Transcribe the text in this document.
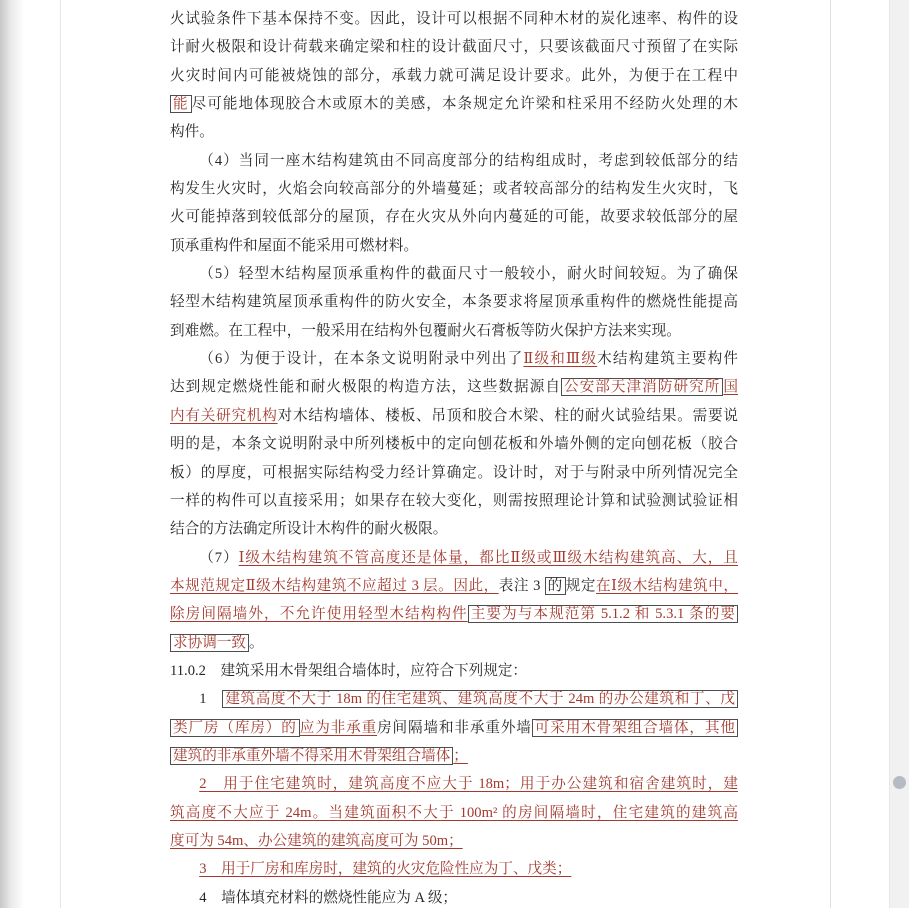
火试验条件下基本保持不变。因此，设计可以根据不同种木材的炭化速率、构件的设
计耐火极限和设计荷载来确定梁和柱的设计截面尺寸，只要该截面尺寸预留了在实际
火灾时间内可能被烧蚀的部分，承载力就可满足设计要求。此外，为便于在工程中
能 尽可能地体现胶合木或原木的美感，本条规定允许梁和柱采用不经防火处理的木
构件。
（4）当同一座木结构建筑由不同高度部分的结构组成时，考虑到较低部分的结
构发生火灾时，火焰会向较高部分的外墙蔓延；或者较高部分的结构发生火灾时，飞
火可能掉落到较低部分的屋顶，存在火灾从外向内蔓延的可能，故要求较低部分的屋
顶承重构件和屋面不能采用可燃材料。
（5）轻型木结构屋顶承重构件的截面尺寸一般较小，耐火时间较短。为了确保
轻型木结构建筑屋顶承重构件的防火安全，本条要求将屋顶承重构件的燃烧性能提高
到难燃。在工程中，一般采用在结构外包覆耐火石膏板等防火保护方法来实现。
（6）为便于设计，在本条文说明附录中列出了Ⅱ级和Ⅲ级木结构建筑主要构件
达到规定燃烧性能和耐火极限的构造方法，这些数据源自 公安部天津消防研究所 国
内有关研究机构对木结构墙体、楼板、吊顶和胶合木梁、柱的耐火试验结果。需要说
明的是，本条文说明附录中所列楼板中的定向刨花板和外墙外侧的定向刨花板（胶合
板）的厚度，可根据实际结构受力经计算确定。设计时，对于与附录中所列情况完全
一样的构件可以直接采用；如果存在较大变化，则需按照理论计算和试验测试验证相
结合的方法确定所设计木构件的耐火极限。
（7）Ⅰ级木结构建筑不管高度还是体量，都比Ⅱ级或Ⅲ级木结构建筑高、大，且
本规范规定Ⅱ级木结构建筑不应超过 3 层。因此，表注 3 的 规定在Ⅰ级木结构建筑中，
除房间隔墙外，不允许使用轻型木结构构件 主要为与本规范第 5.1.2 和 5.3.1 条的要
求协调一致 。
11.0.2　建筑采用木骨架组合墙体时，应符合下列规定：
1　建筑高度不大于 18m 的住宅建筑、建筑高度不大于 24m 的办公建筑和丁、戊
类厂房（库房）的 应为非承重房间隔墙和非承重外墙 可采用木骨架组合墙体，其他
建筑的非承重外墙不得采用木骨架组合墙体 ；
2　用于住宅建筑时，建筑高度不应大于 18m；用于办公建筑和宿舍建筑时，建
筑高度不大应于 24m。当建筑面积不大于 100m² 的房间隔墙时，住宅建筑的建筑高
度可为 54m、办公建筑的建筑高度可为 50m；
3　用于厂房和库房时，建筑的火灾危险性应为丁、戊类；
4　墙体填充材料的燃烧性能应为 A 级；
